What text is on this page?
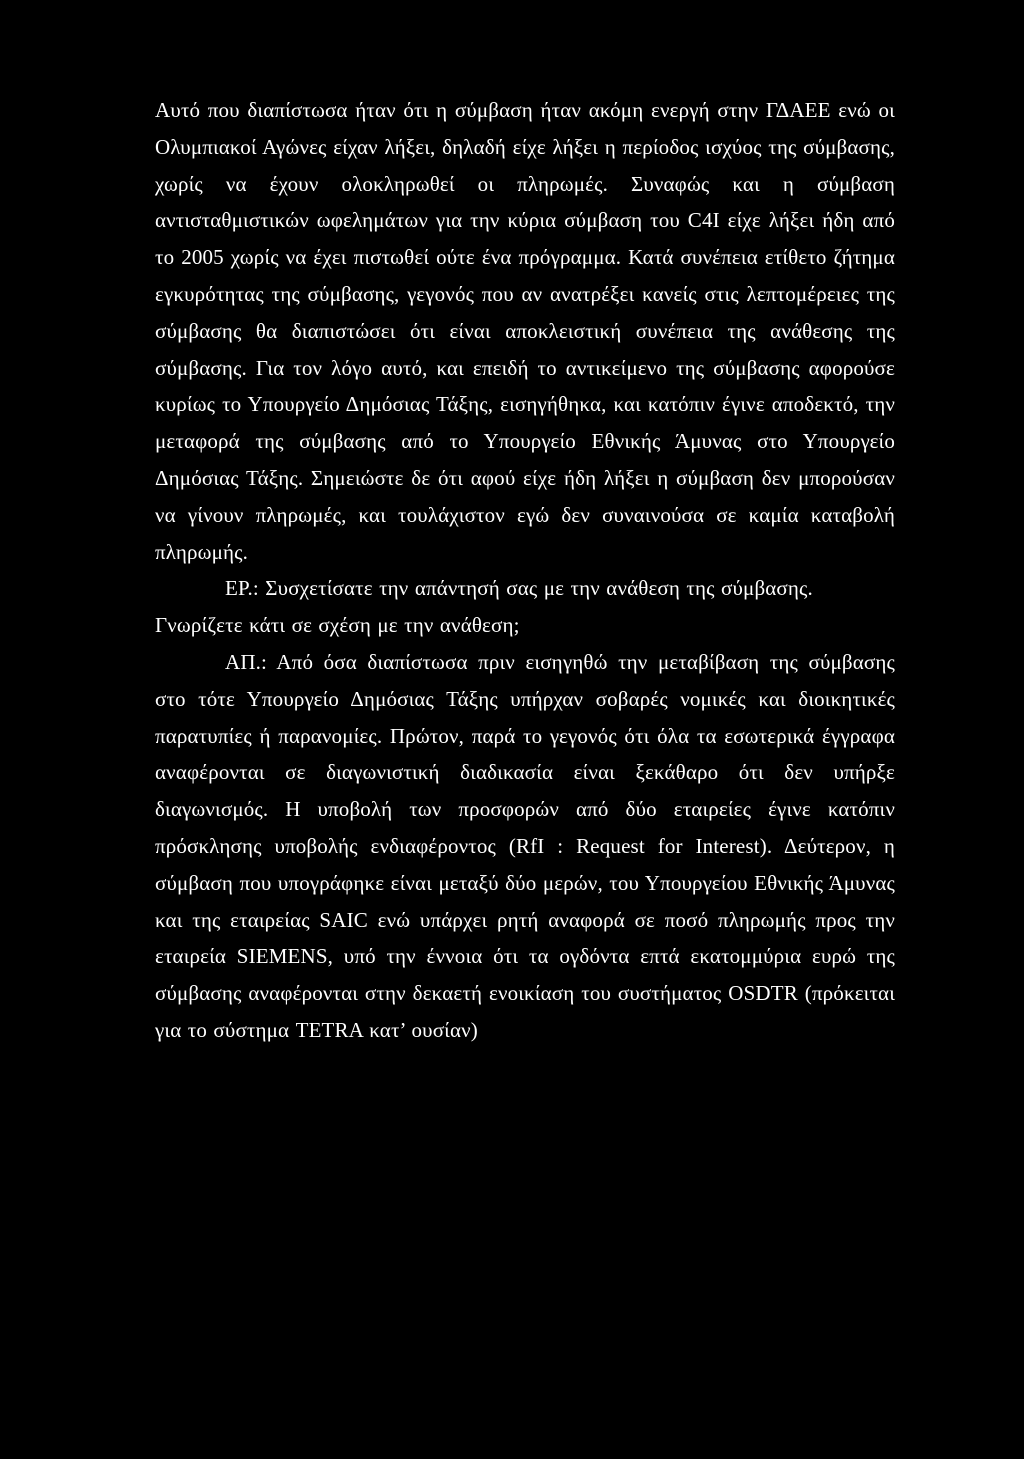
Αυτό που διαπίστωσα ήταν ότι η σύμβαση ήταν ακόμη ενεργή στην ΓΔΑΕΕ ενώ οι Ολυμπιακοί Αγώνες είχαν λήξει, δηλαδή είχε λήξει η περίοδος ισχύος της σύμβασης, χωρίς να έχουν ολοκληρωθεί οι πληρωμές. Συναφώς και η σύμβαση αντισταθμιστικών ωφελημάτων για την κύρια σύμβαση του C4I είχε λήξει ήδη από το 2005 χωρίς να έχει πιστωθεί ούτε ένα πρόγραμμα. Κατά συνέπεια ετίθετο ζήτημα εγκυρότητας της σύμβασης, γεγονός που αν ανατρέξει κανείς στις λεπτομέρειες της σύμβασης θα διαπιστώσει ότι είναι αποκλειστική συνέπεια της ανάθεσης της σύμβασης. Για τον λόγο αυτό, και επειδή το αντικείμενο της σύμβασης αφορούσε κυρίως το Υπουργείο Δημόσιας Τάξης, εισηγήθηκα, και κατόπιν έγινε αποδεκτό, την μεταφορά της σύμβασης από το Υπουργείο Εθνικής Άμυνας στο Υπουργείο Δημόσιας Τάξης. Σημειώστε δε ότι αφού είχε ήδη λήξει η σύμβαση δεν μπορούσαν να γίνουν πληρωμές, και τουλάχιστον εγώ δεν συναινούσα σε καμία καταβολή πληρωμής.

ΕΡ.: Συσχετίσατε την απάντησή σας με την ανάθεση της σύμβασης. Γνωρίζετε κάτι σε σχέση με την ανάθεση;

ΑΠ.: Από όσα διαπίστωσα πριν εισηγηθώ την μεταβίβαση της σύμβασης στο τότε Υπουργείο Δημόσιας Τάξης υπήρχαν σοβαρές νομικές και διοικητικές παρατυπίες ή παρανομίες. Πρώτον, παρά το γεγονός ότι όλα τα εσωτερικά έγγραφα αναφέρονται σε διαγωνιστική διαδικασία είναι ξεκάθαρο ότι δεν υπήρξε διαγωνισμός. Η υποβολή των προσφορών από δύο εταιρείες έγινε κατόπιν πρόσκλησης υποβολής ενδιαφέροντος (RfI : Request for Interest). Δεύτερον, η σύμβαση που υπογράφηκε είναι μεταξύ δύο μερών, του Υπουργείου Εθνικής Άμυνας και της εταιρείας SAIC ενώ υπάρχει ρητή αναφορά σε ποσό πληρωμής προς την εταιρεία SIEMENS, υπό την έννοια ότι τα ογδόντα επτά εκατομμύρια ευρώ της σύμβασης αναφέρονται στην δεκαετή ενοικίαση του συστήματος OSDTR (πρόκειται για το σύστημα TETRA κατ’ ουσίαν)
